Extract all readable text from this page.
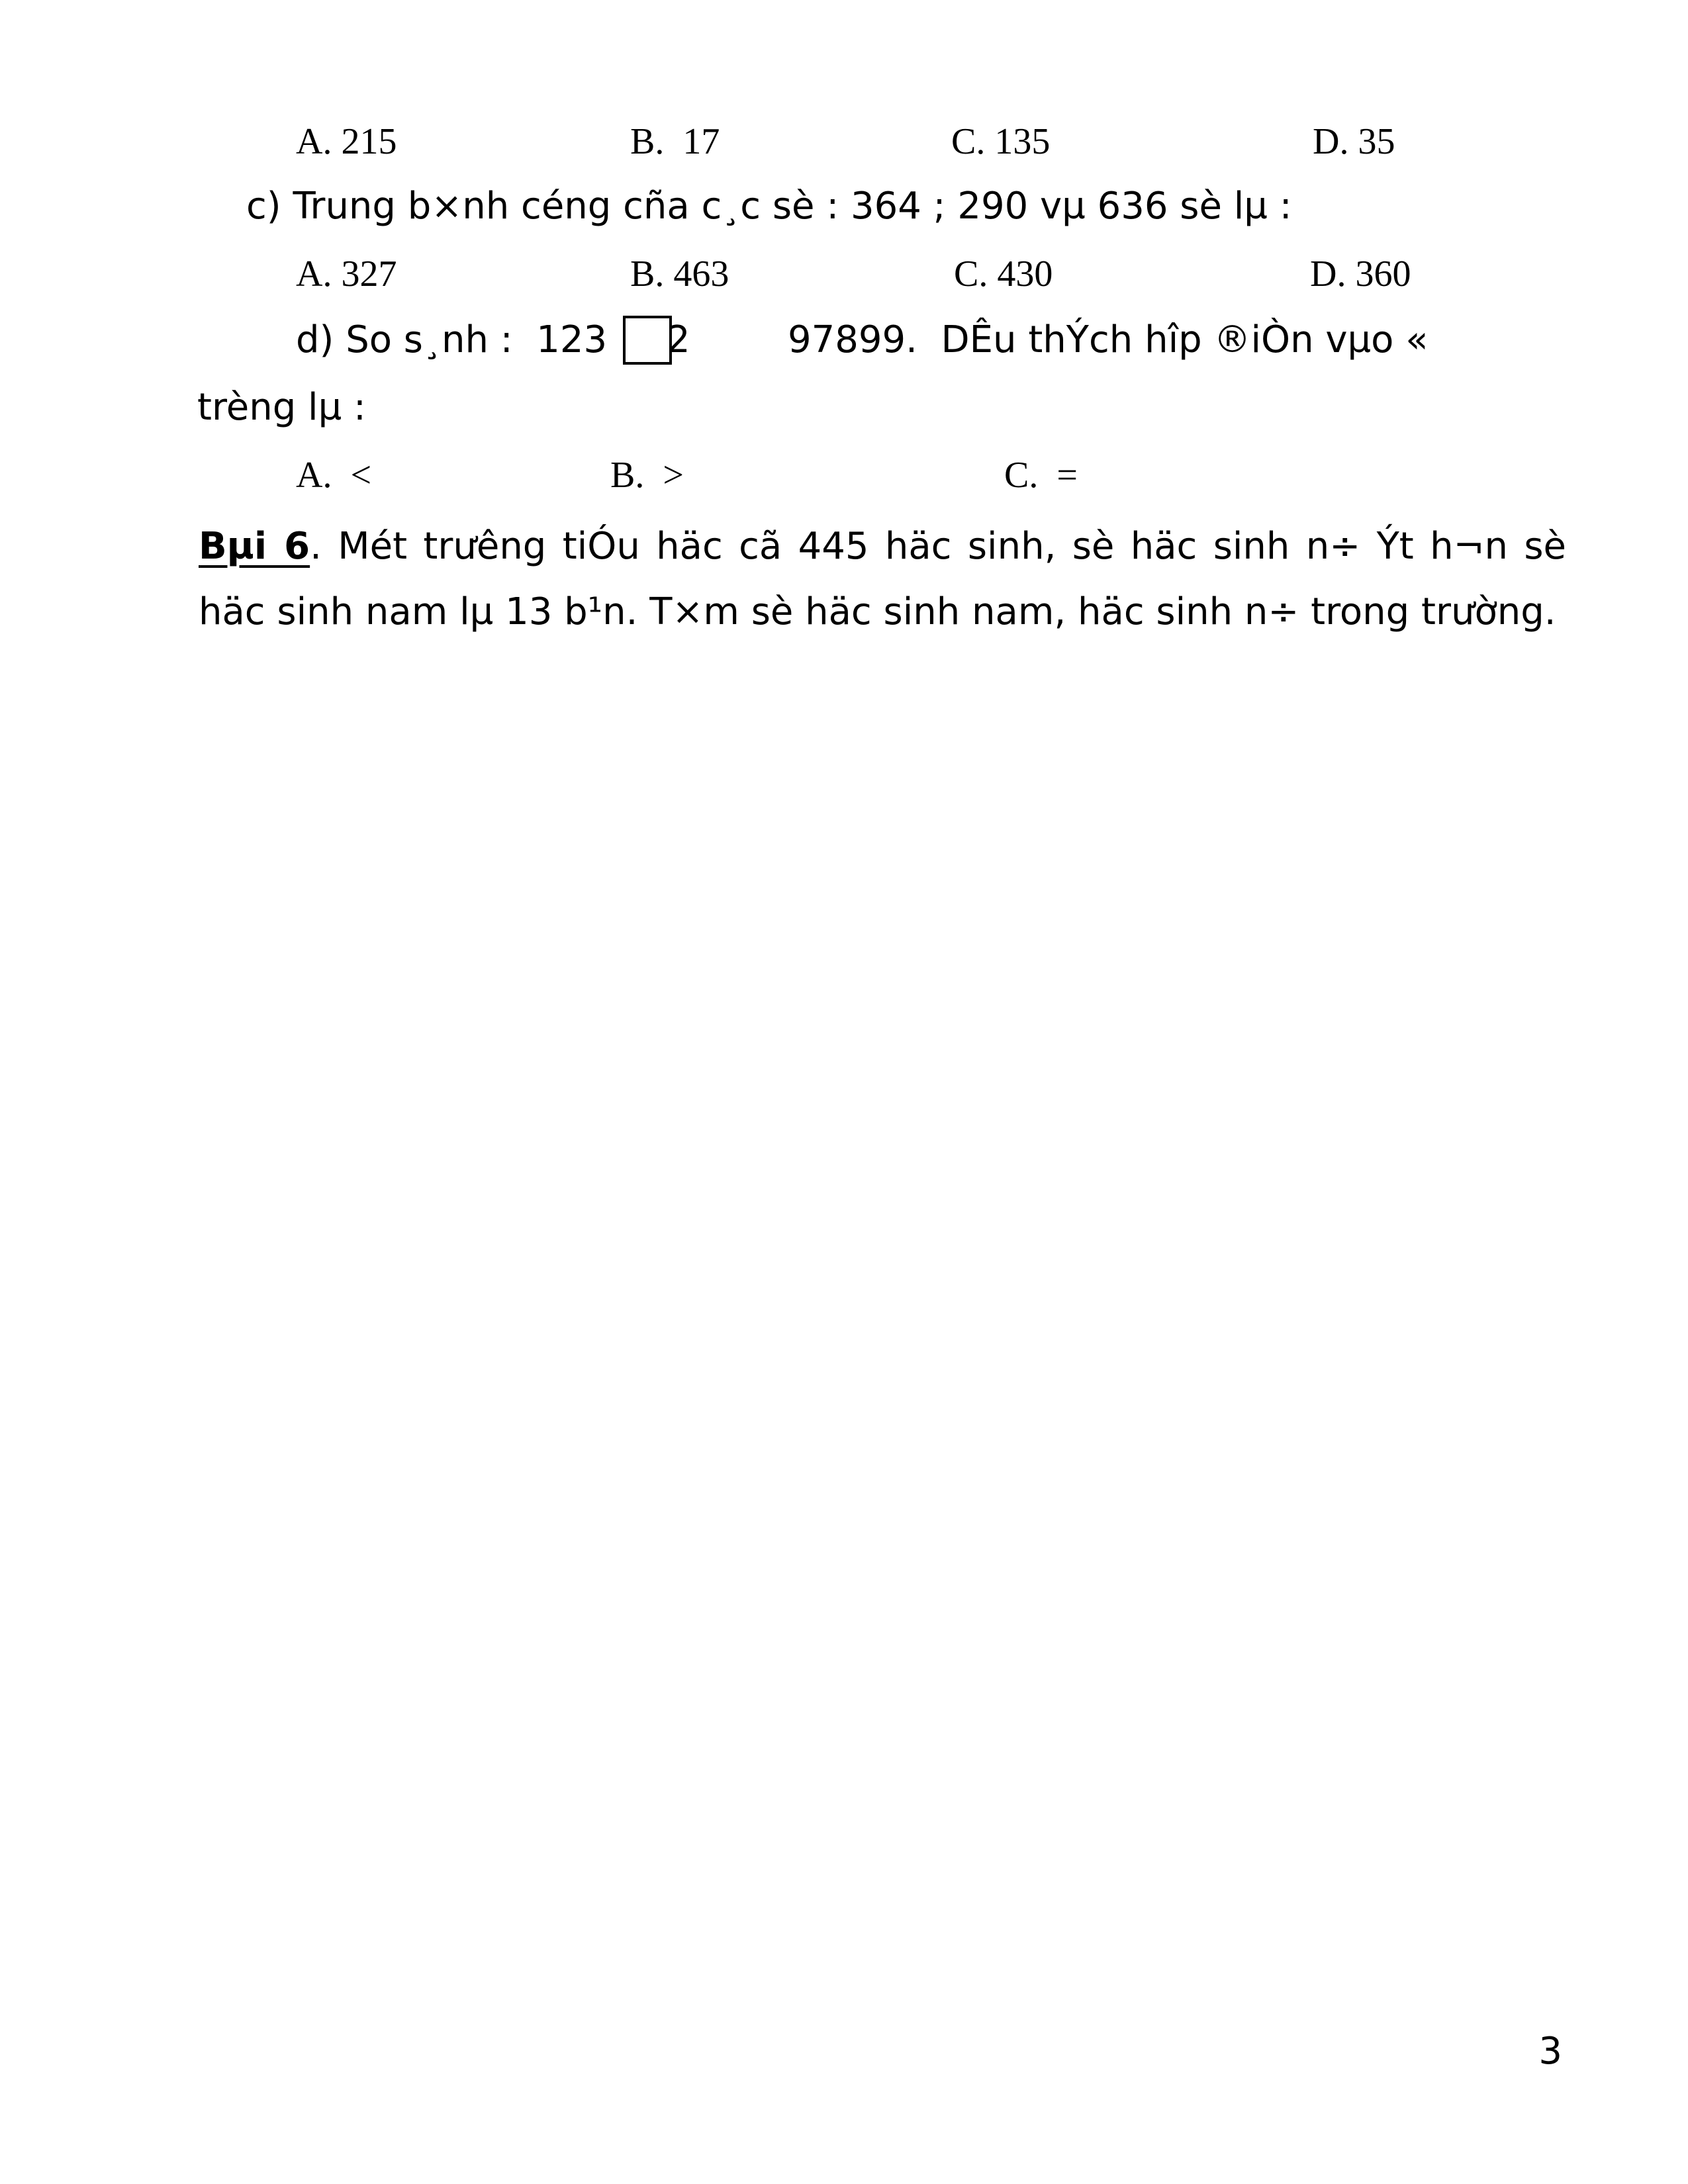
A. 215	B.  17	C. 135	D. 35
c) Trung b×nh céng cña c¸c sè : 364 ; 290 vµ 636 sè lµ :
A. 327	B. 463	C. 430	D. 360
d) So s¸nh :  123 2	97899.  DÊu thÝch hîp ®iÒn vµo «
trèng lµ :
A.  <	B.  >	C.  =
Bµi 6. Mét trưêng tiÓu häc cã 445 häc sinh, sè häc sinh n÷ Ýt h¬n sè häc sinh nam lµ 13 b¹n. T×m sè häc sinh nam, häc sinh n÷ trong trường.
3
